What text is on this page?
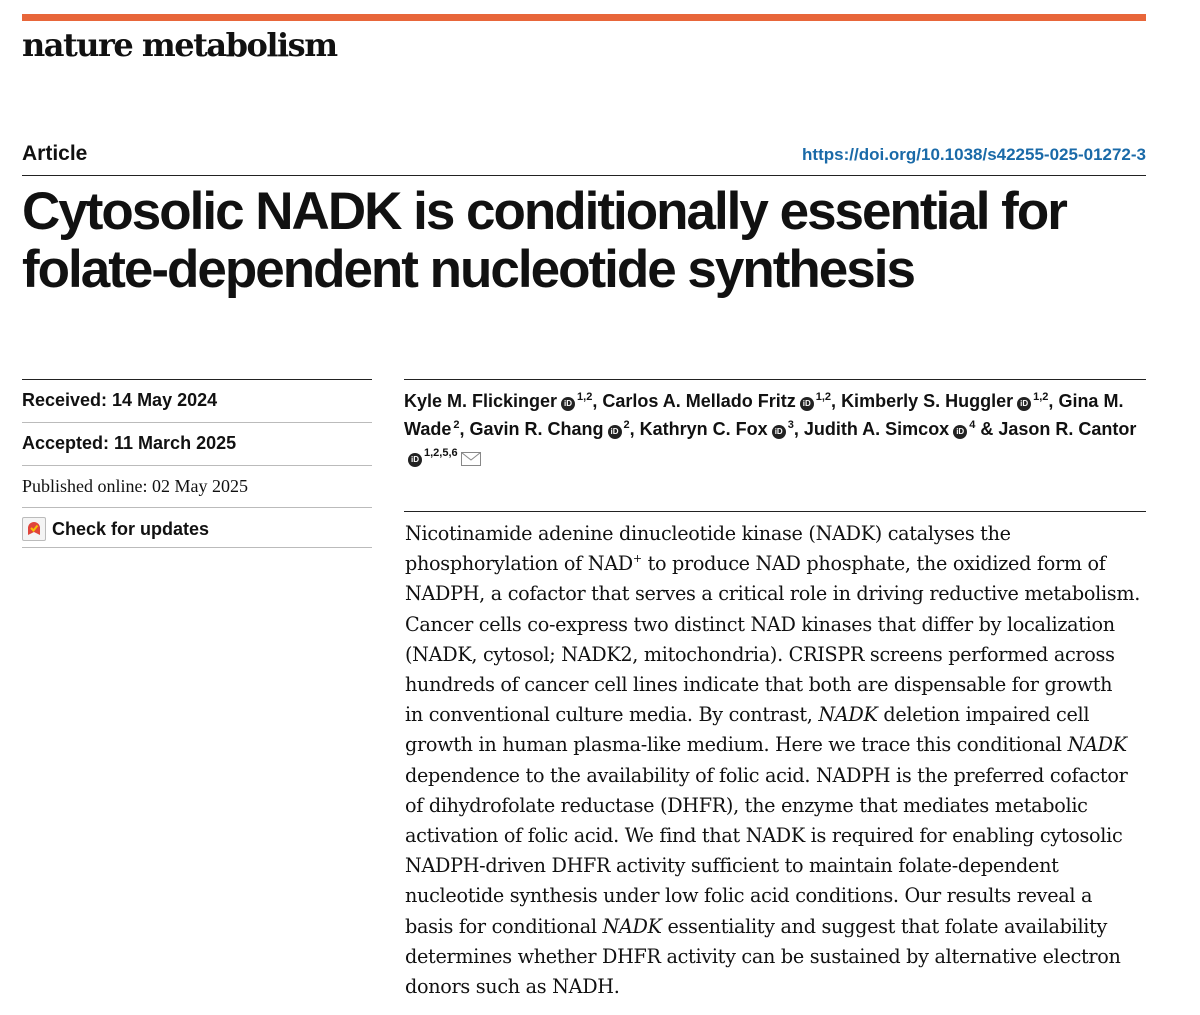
nature metabolism
Article	https://doi.org/10.1038/s42255-025-01272-3
Cytosolic NADK is conditionally essential for folate-dependent nucleotide synthesis
Received: 14 May 2024
Accepted: 11 March 2025
Published online: 02 May 2025
Check for updates
Kyle M. Flickinger iD$^{1,2}$, Carlos A. Mellado Fritz iD$^{1,2}$, Kimberly S. Huggler iD$^{1,2}$, Gina M. Wade $^2$, Gavin R. Chang $iD^2$, Kathryn C. Fox $iD^3$, Judith A. Simcox $iD^4$ & Jason R. CantoriD$^{1,2,5,6}$
Nicotinamide adenine dinucleotide kinase (NADK) catalyses the
phosphorylation of NAD+ to produce NAD phosphate, the oxidized form of
NADPH, a cofactor that serves a critical role in driving reductive metabolism.
Cancer cells co-express two distinct NAD kinases that differ by localization
(NADK, cytosol; NADK2, mitochondria). CRISPR screens performed across
hundreds of cancer cell lines indicate that both are dispensable for growth
in conventional culture media. By contrast, NADK deletion impaired cell
growth in human plasma-like medium. Here we trace this conditional NADK
dependence to the availability of folic acid. NADPH is the preferred cofactor
of dihydrofolate reductase (DHFR), the enzyme that mediates metabolic
activation of folic acid. We find that NADK is required for enabling cytosolic
NADPH-driven DHFR activity sufficient to maintain folate-dependent
nucleotide synthesis under low folic acid conditions. Our results reveal a
basis for conditional NADK essentiality and suggest that folate availability
determines whether DHFR activity can be sustained by alternative electron
donors such as NADH.
